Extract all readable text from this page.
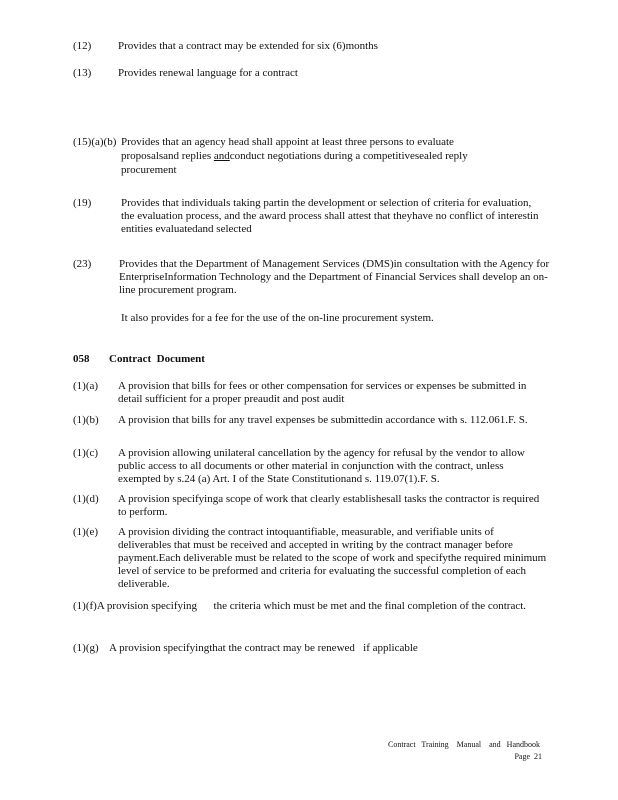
(12) Provides that a contract may be extended for six (6)months
(13) Provides renewal language for a contract
(15)(a)(b) Provides that an agency head shall appoint at least three persons to evaluate
proposalsand replies andconduct negotiations during a competitivesealed reply
procurement
(19)	Provides that individuals taking partin the development or selection of criteria for evaluation, the evaluation process, and the award process shall attest that theyhave no conflict of interestin entities evaluatedand selected
(23)	Provides that the Department of Management Services (DMS)in consultation with the Agency for EnterpriseInformation Technology and the Department of Financial Services shall develop an on-line procurement program.
It also provides for a fee for the use of the on-line procurement system.
058 Contract  Document
(1)(a) A provision that bills for fees or other compensation for services or expenses be submitted in detail sufficient for a proper preaudit and post audit
(1)(b) A provision that bills for any travel expenses be submittedin accordance with s. 112.061.F. S.
(1)(c) A provision allowing unilateral cancellation by the agency for refusal by the vendor to allow public access to all documents or other material in conjunction with the contract, unless exempted by s.24 (a) Art. I of the State Constitutionand s. 119.07(1).F. S.
(1)(d) A provision specifyinga scope of work that clearly establishesall tasks the contractor is required to perform.
(1)(e) A provision dividing the contract intoquantifiable, measurable, and verifiable units of deliverables that must be received and accepted in writing by the contract manager before payment.Each deliverable must be related to the scope of work and specifythe required minimum level of service to be preformed and criteria for evaluating the successful completion of each deliverable.
(1)(f)A provision specifying      the criteria which must be met and the final completion of the contract.
(1)(g) A provision specifyingthat the contract may be renewed   if applicable
Contract   Training    Manual    and   Handbook
Page  21
